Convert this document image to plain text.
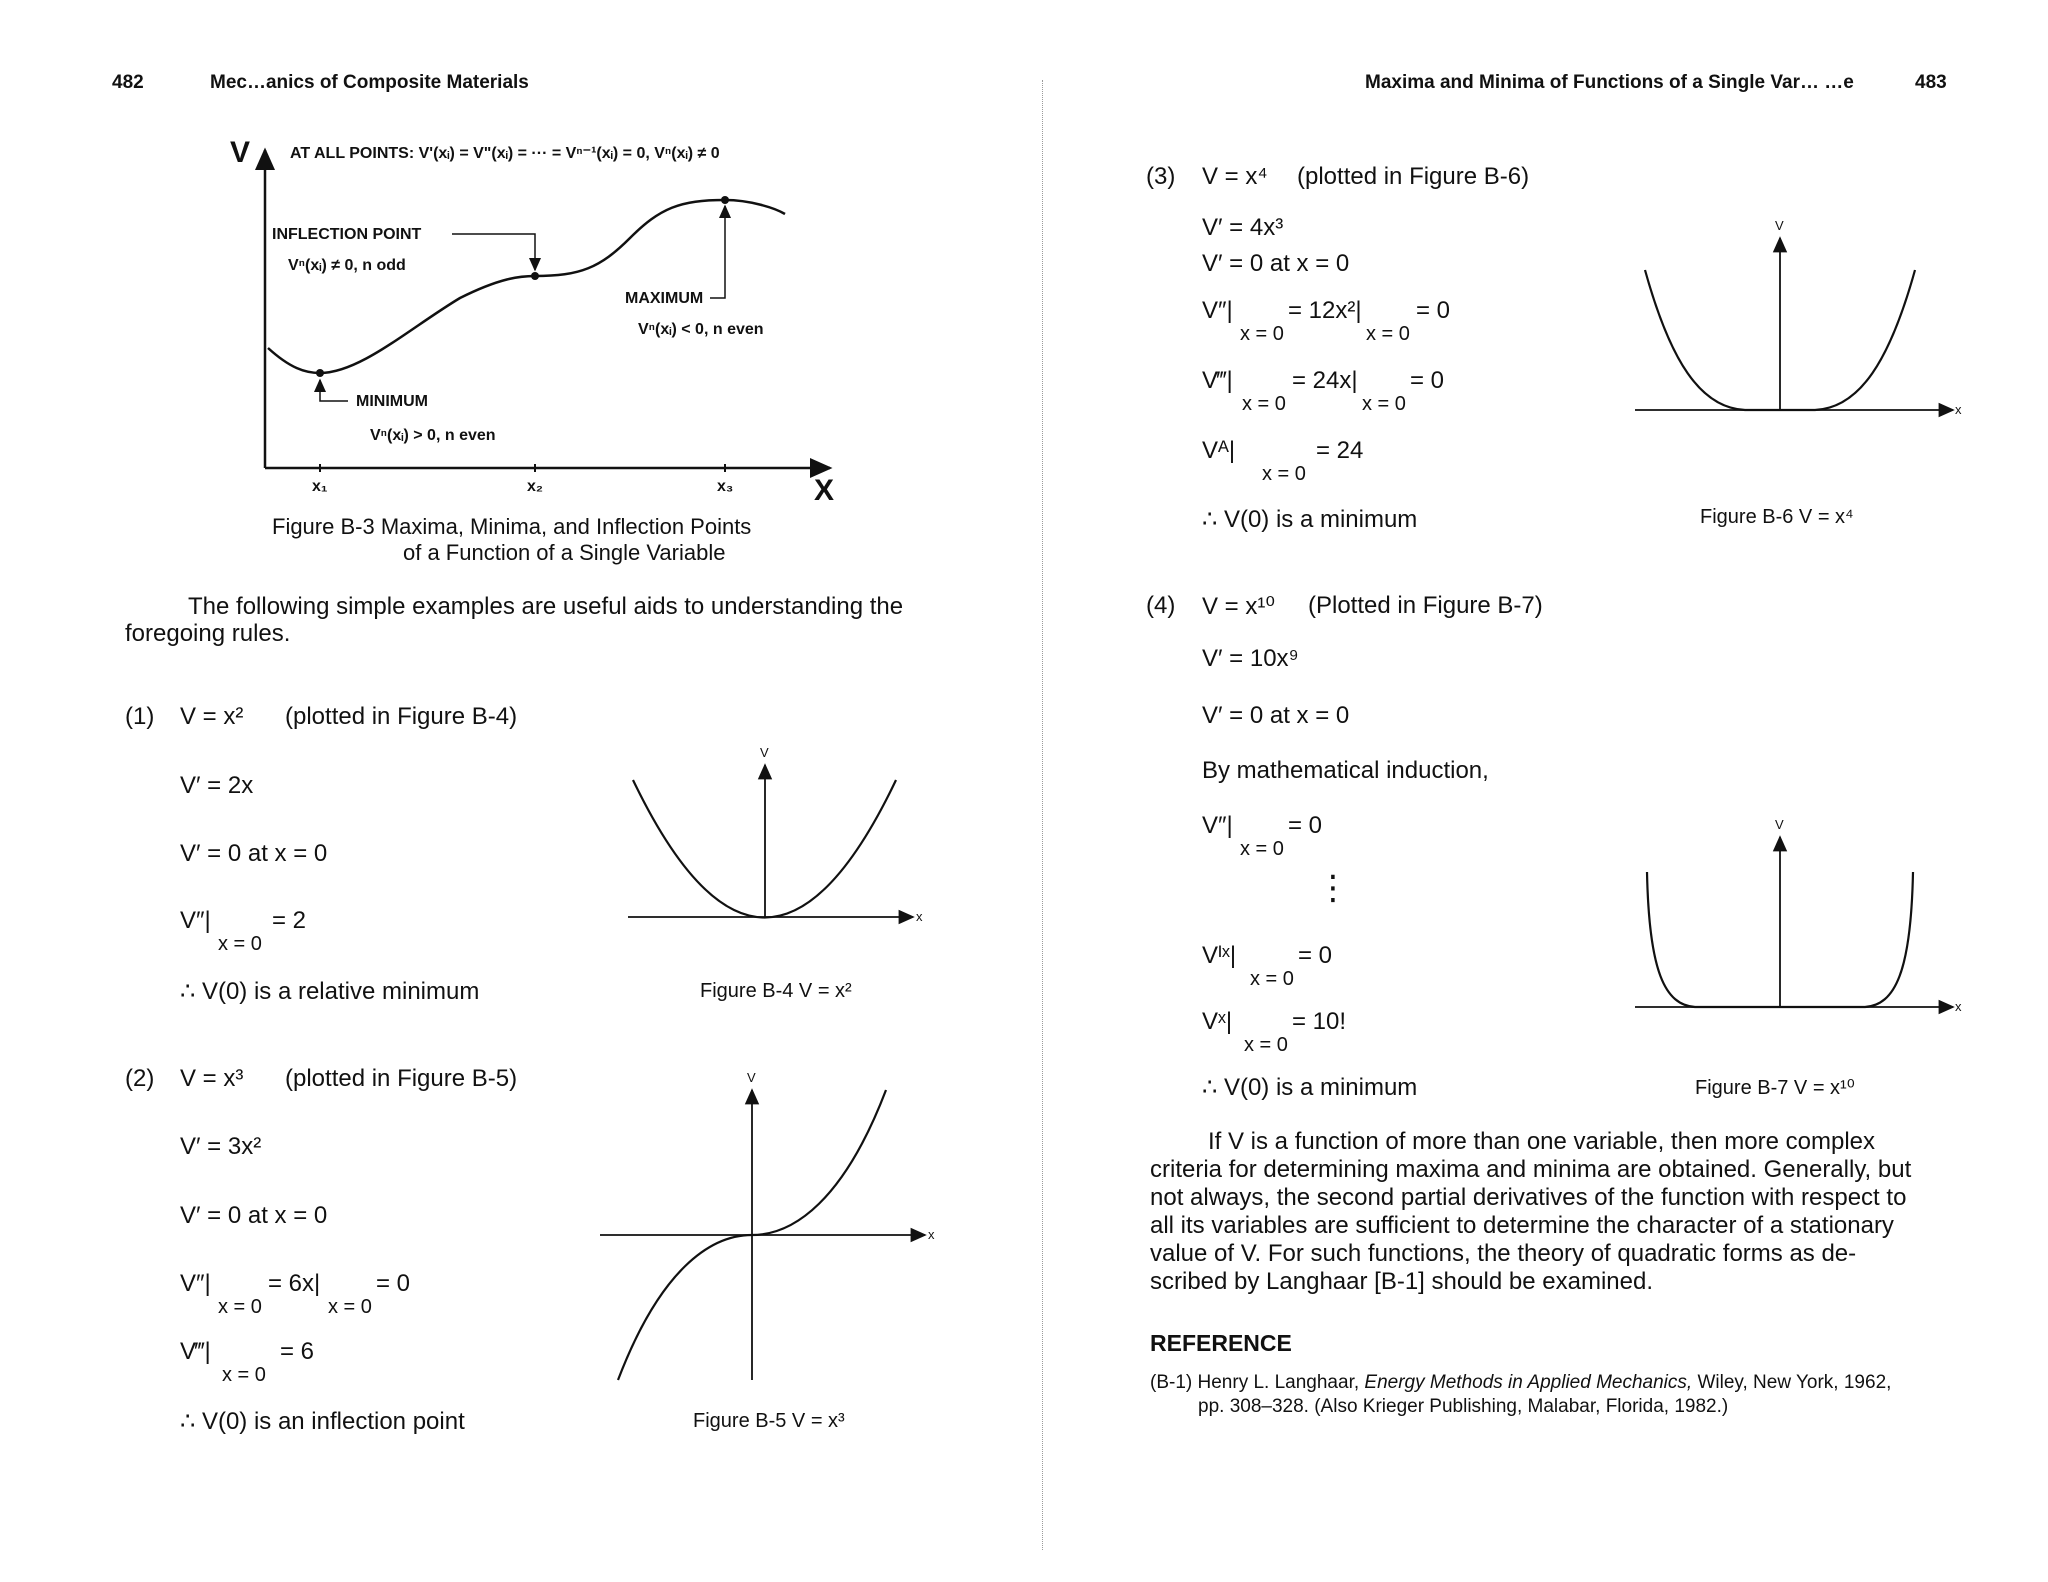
482	Mec…anics of Composite Materials
V
X
AT ALL POINTS: V'(xᵢ) = V"(xᵢ) = ··· = Vⁿ⁻¹(xᵢ) = 0, Vⁿ(xᵢ) ≠ 0
INFLECTION POINT
Vⁿ(xᵢ) ≠ 0, n odd
MAXIMUM
Vⁿ(xᵢ) < 0, n even
MINIMUM
Vⁿ(xᵢ) > 0, n even
x₁	x₂	x₃
Figure B-3 Maxima, Minima, and Inflection Points
of a Function of a Single Variable
The following simple examples are useful aids to understanding the
foregoing rules.
(1) V = x² (plotted in Figure B-4)
V′ = 2x
V′ = 0 at x = 0
V″|
x = 0
= 2
∴ V(0) is a relative minimum
V
x
Figure B-4 V = x²
(2) V = x³ (plotted in Figure B-5)
V′ = 3x²
V′ = 0 at x = 0
V″|
x = 0
= 6x|
x = 0
= 0
V‴|
x = 0
= 6
∴ V(0) is an inflection point
V
x
Figure B-5 V = x³
Maxima and Minima of Functions of a Single Var… …e	483
(3) V = x⁴ (plotted in Figure B-6)
V′ = 4x³
V′ = 0 at x = 0
V″|
x = 0
= 12x²|
x = 0
= 0
V‴|
x = 0
= 24x|
x = 0
= 0
Vᴬ|
x = 0
= 24
∴ V(0) is a minimum
V
x
Figure B-6 V = x⁴
(4) V = x¹⁰ (Plotted in Figure B-7)
V′ = 10x⁹
V′ = 0 at x = 0
By mathematical induction,
V″|
x = 0
= 0
⋮
Vᴵˣ|
x = 0
= 0
Vˣ|
x = 0
= 10!
∴ V(0) is a minimum
V
x
Figure B-7 V = x¹⁰

If V is a function of more than one variable, then more complex

criteria for determining maxima and minima are obtained. Generally, but

not always, the second partial derivatives of the function with respect to

all its variables are sufficient to determine the character of a stationary

value of V. For such functions, the theory of quadratic forms as de-

scribed by Langhaar [B-1] should be examined.

REFERENCE
(B-1) Henry L. Langhaar, Energy Methods in Applied Mechanics, Wiley, New York, 1962,
pp. 308–328. (Also Krieger Publishing, Malabar, Florida, 1982.)
